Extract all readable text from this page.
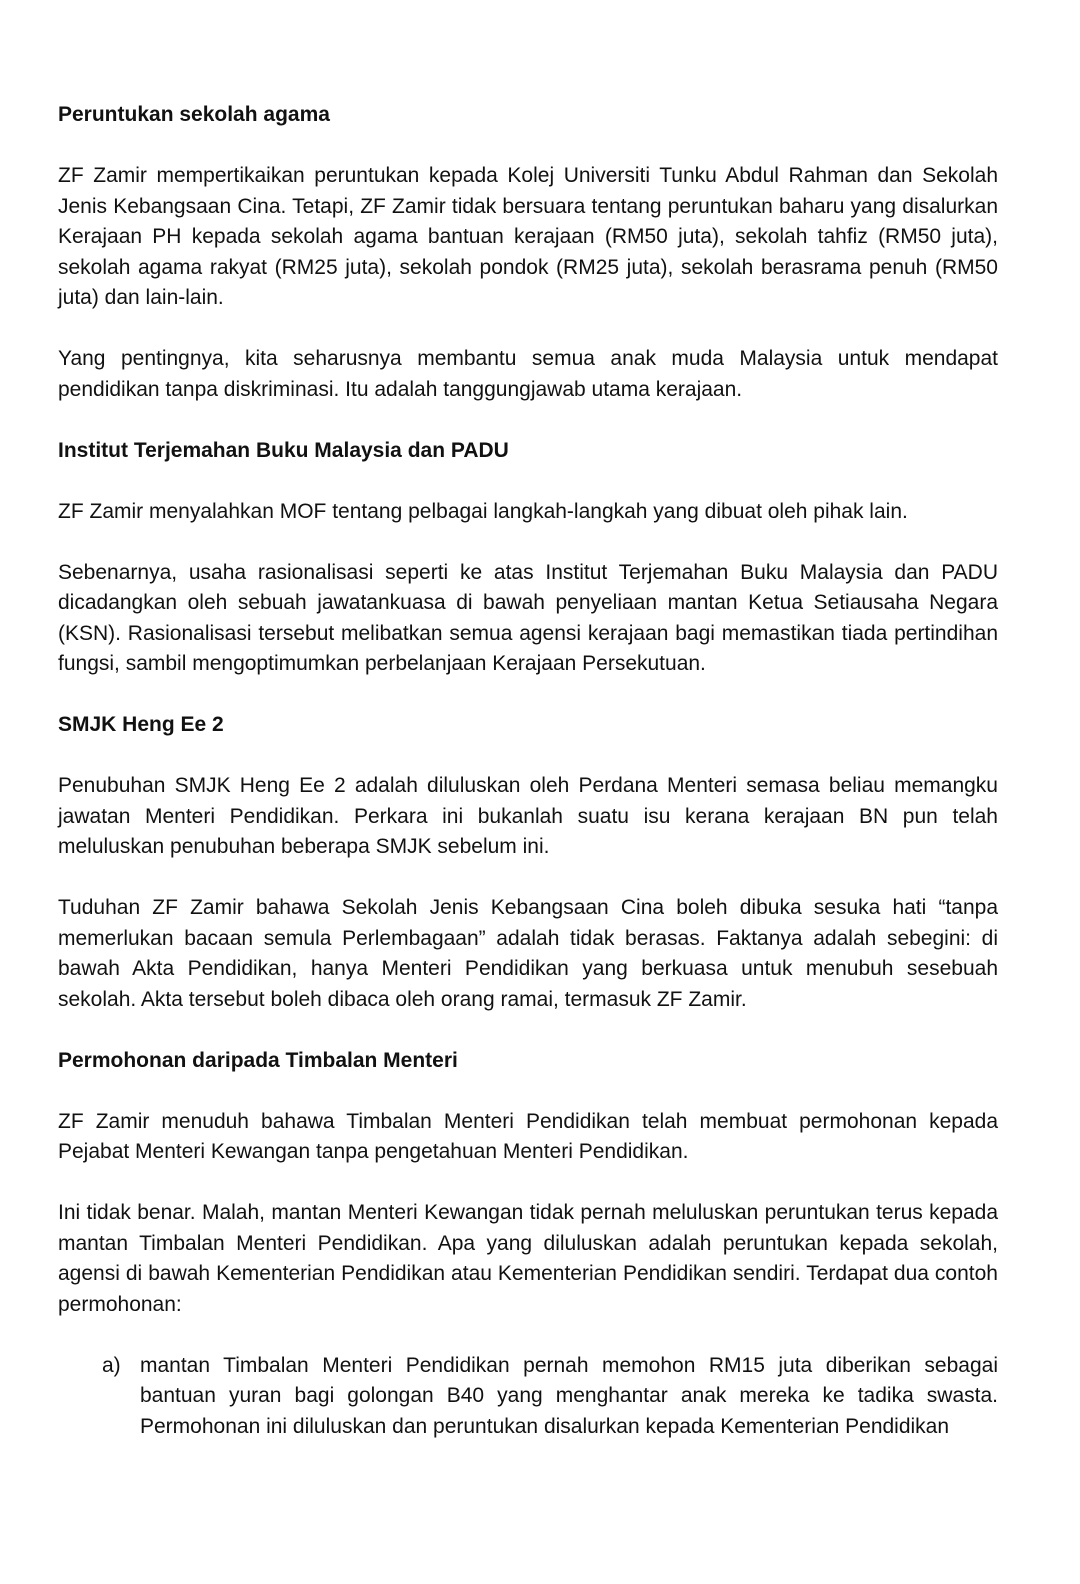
Peruntukan sekolah agama

ZF Zamir mempertikaikan peruntukan kepada Kolej Universiti Tunku Abdul Rahman dan Sekolah Jenis Kebangsaan Cina. Tetapi, ZF Zamir tidak bersuara tentang peruntukan baharu yang disalurkan Kerajaan PH kepada sekolah agama bantuan kerajaan (RM50 juta), sekolah tahfiz (RM50 juta), sekolah agama rakyat (RM25 juta), sekolah pondok (RM25 juta), sekolah berasrama penuh (RM50 juta) dan lain-lain.

Yang pentingnya, kita seharusnya membantu semua anak muda Malaysia untuk mendapat pendidikan tanpa diskriminasi. Itu adalah tanggungjawab utama kerajaan.

Institut Terjemahan Buku Malaysia dan PADU

ZF Zamir menyalahkan MOF tentang pelbagai langkah-langkah yang dibuat oleh pihak lain.

Sebenarnya, usaha rasionalisasi seperti ke atas Institut Terjemahan Buku Malaysia dan PADU dicadangkan oleh sebuah jawatankuasa di bawah penyeliaan mantan Ketua Setiausaha Negara (KSN). Rasionalisasi tersebut melibatkan semua agensi kerajaan bagi memastikan tiada pertindihan fungsi, sambil mengoptimumkan perbelanjaan Kerajaan Persekutuan.

SMJK Heng Ee 2

Penubuhan SMJK Heng Ee 2 adalah diluluskan oleh Perdana Menteri semasa beliau memangku jawatan Menteri Pendidikan. Perkara ini bukanlah suatu isu kerana kerajaan BN pun telah meluluskan penubuhan beberapa SMJK sebelum ini.

Tuduhan ZF Zamir bahawa Sekolah Jenis Kebangsaan Cina boleh dibuka sesuka hati “tanpa memerlukan bacaan semula Perlembagaan” adalah tidak berasas. Faktanya adalah sebegini: di bawah Akta Pendidikan, hanya Menteri Pendidikan yang berkuasa untuk menubuh sesebuah sekolah. Akta tersebut boleh dibaca oleh orang ramai, termasuk ZF Zamir.

Permohonan daripada Timbalan Menteri

ZF Zamir menuduh bahawa Timbalan Menteri Pendidikan telah membuat permohonan kepada Pejabat Menteri Kewangan tanpa pengetahuan Menteri Pendidikan.

Ini tidak benar. Malah, mantan Menteri Kewangan tidak pernah meluluskan peruntukan terus kepada mantan Timbalan Menteri Pendidikan. Apa yang diluluskan adalah peruntukan kepada sekolah, agensi di bawah Kementerian Pendidikan atau Kementerian Pendidikan sendiri. Terdapat dua contoh permohonan:

a) mantan Timbalan Menteri Pendidikan pernah memohon RM15 juta diberikan sebagai bantuan yuran bagi golongan B40 yang menghantar anak mereka ke tadika swasta. Permohonan ini diluluskan dan peruntukan disalurkan kepada Kementerian Pendidikan
